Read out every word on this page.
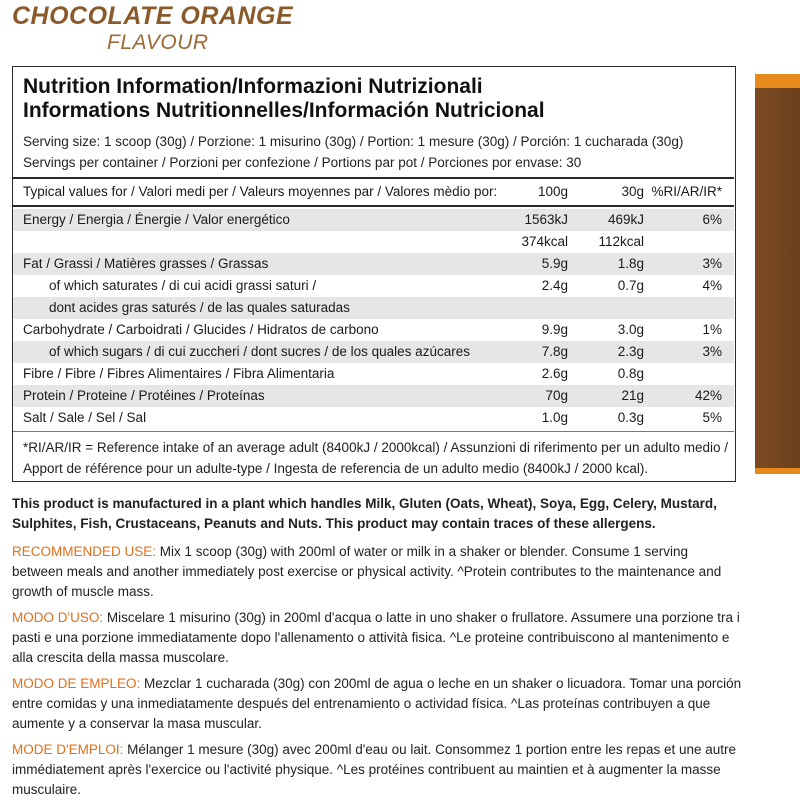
CHOCOLATE ORANGE
FLAVOUR
Nutrition Information/Informazioni Nutrizionali
Informations Nutritionnelles/Información Nutricional
Serving size: 1 scoop (30g) / Porzione: 1 misurino (30g) / Portion: 1 mesure (30g) / Porción: 1 cucharada (30g)
Servings per container / Porzioni per confezione / Portions par pot / Porciones por envase: 30
Typical values for / Valori medi per / Valeurs moyennes par / Valores mèdio por:	100g	30g %RI/AR/IR*
Energy / Energia / Énergie / Valor energético	1563kJ	469kJ	6%
374kcal 112kcal
Fat / Grassi / Matières grasses / Grassas	5.9g	1.8g	3%
of which saturates / di cui acidi grassi saturi /	2.4g	0.7g	4%
dont acides gras saturés / de las quales saturadas
Carbohydrate / Carboidrati / Glucides / Hidratos de carbono	9.9g	3.0g	1%
of which sugars / di cui zuccheri / dont sucres / de los quales azúcares	7.8g	2.3g	3%
Fibre / Fibre / Fibres Alimentaires / Fibra Alimentaria	2.6g	0.8g
Protein / Proteine / Protéines / Proteínas	70g	21g	42%
Salt / Sale / Sel / Sal	1.0g	0.3g	5%
*RI/AR/IR = Reference intake of an average adult (8400kJ / 2000kcal) / Assunzioni di riferimento per un adulto medio / Apport de référence pour un adulte-type / Ingesta de referencia de un adulto medio (8400kJ / 2000 kcal).
This product is manufactured in a plant which handles Milk, Gluten (Oats, Wheat), Soya, Egg, Celery, Mustard, Sulphites, Fish, Crustaceans, Peanuts and Nuts. This product may contain traces of these allergens.
RECOMMENDED USE: Mix 1 scoop (30g) with 200ml of water or milk in a shaker or blender. Consume 1 serving between meals and another immediately post exercise or physical activity. ^Protein contributes to the maintenance and growth of muscle mass.
MODO D'USO: Miscelare 1 misurino (30g) in 200ml d'acqua o latte in uno shaker o frullatore. Assumere una porzione tra i pasti e una porzione immediatamente dopo l'allenamento o attività fisica. ^Le proteine contribuiscono al mantenimento e alla crescita della massa muscolare.
MODO DE EMPLEO: Mezclar 1 cucharada (30g) con 200ml de agua o leche en un shaker o licuadora. Tomar una porción entre comidas y una inmediatamente después del entrenamiento o actividad física. ^Las proteínas contribuyen a que aumente y a conservar la masa muscular.
MODE D'EMPLOI: Mélanger 1 mesure (30g) avec 200ml d'eau ou lait. Consommez 1 portion entre les repas et une autre immédiatement après l'exercice ou l'activité physique. ^Les protéines contribuent au maintien et à augmenter la masse musculaire.
